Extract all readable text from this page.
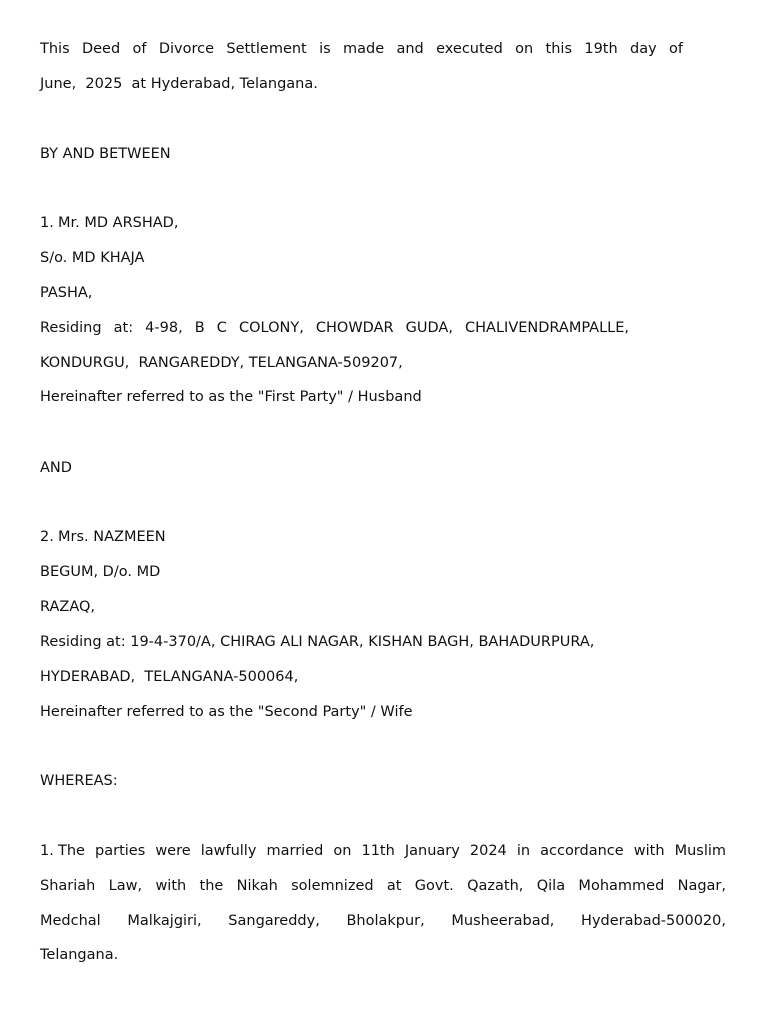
This Deed of Divorce Settlement is made and executed on this 19th day of

June,  2025  at Hyderabad, Telangana.

BY AND BETWEEN

1. Mr. MD ARSHAD,

S/o. MD KHAJA

PASHA,

Residing at: 4-98, B C COLONY, CHOWDAR GUDA, CHALIVENDRAMPALLE,

KONDURGU,  RANGAREDDY, TELANGANA-509207,

Hereinafter referred to as the "First Party" / Husband

AND

2. Mrs. NAZMEEN

BEGUM, D/o. MD

RAZAQ,

Residing at: 19-4-370/A, CHIRAG ALI NAGAR, KISHAN BAGH, BAHADURPURA,

HYDERABAD,  TELANGANA-500064,

Hereinafter referred to as the "Second Party" / Wife

WHEREAS:

1. The parties were lawfully married on 11th January 2024 in accordance with Muslim

Shariah Law, with the Nikah solemnized at Govt. Qazath, Qila Mohammed Nagar,

Medchal Malkajgiri, Sangareddy, Bholakpur, Musheerabad, Hyderabad-500020,

Telangana.
